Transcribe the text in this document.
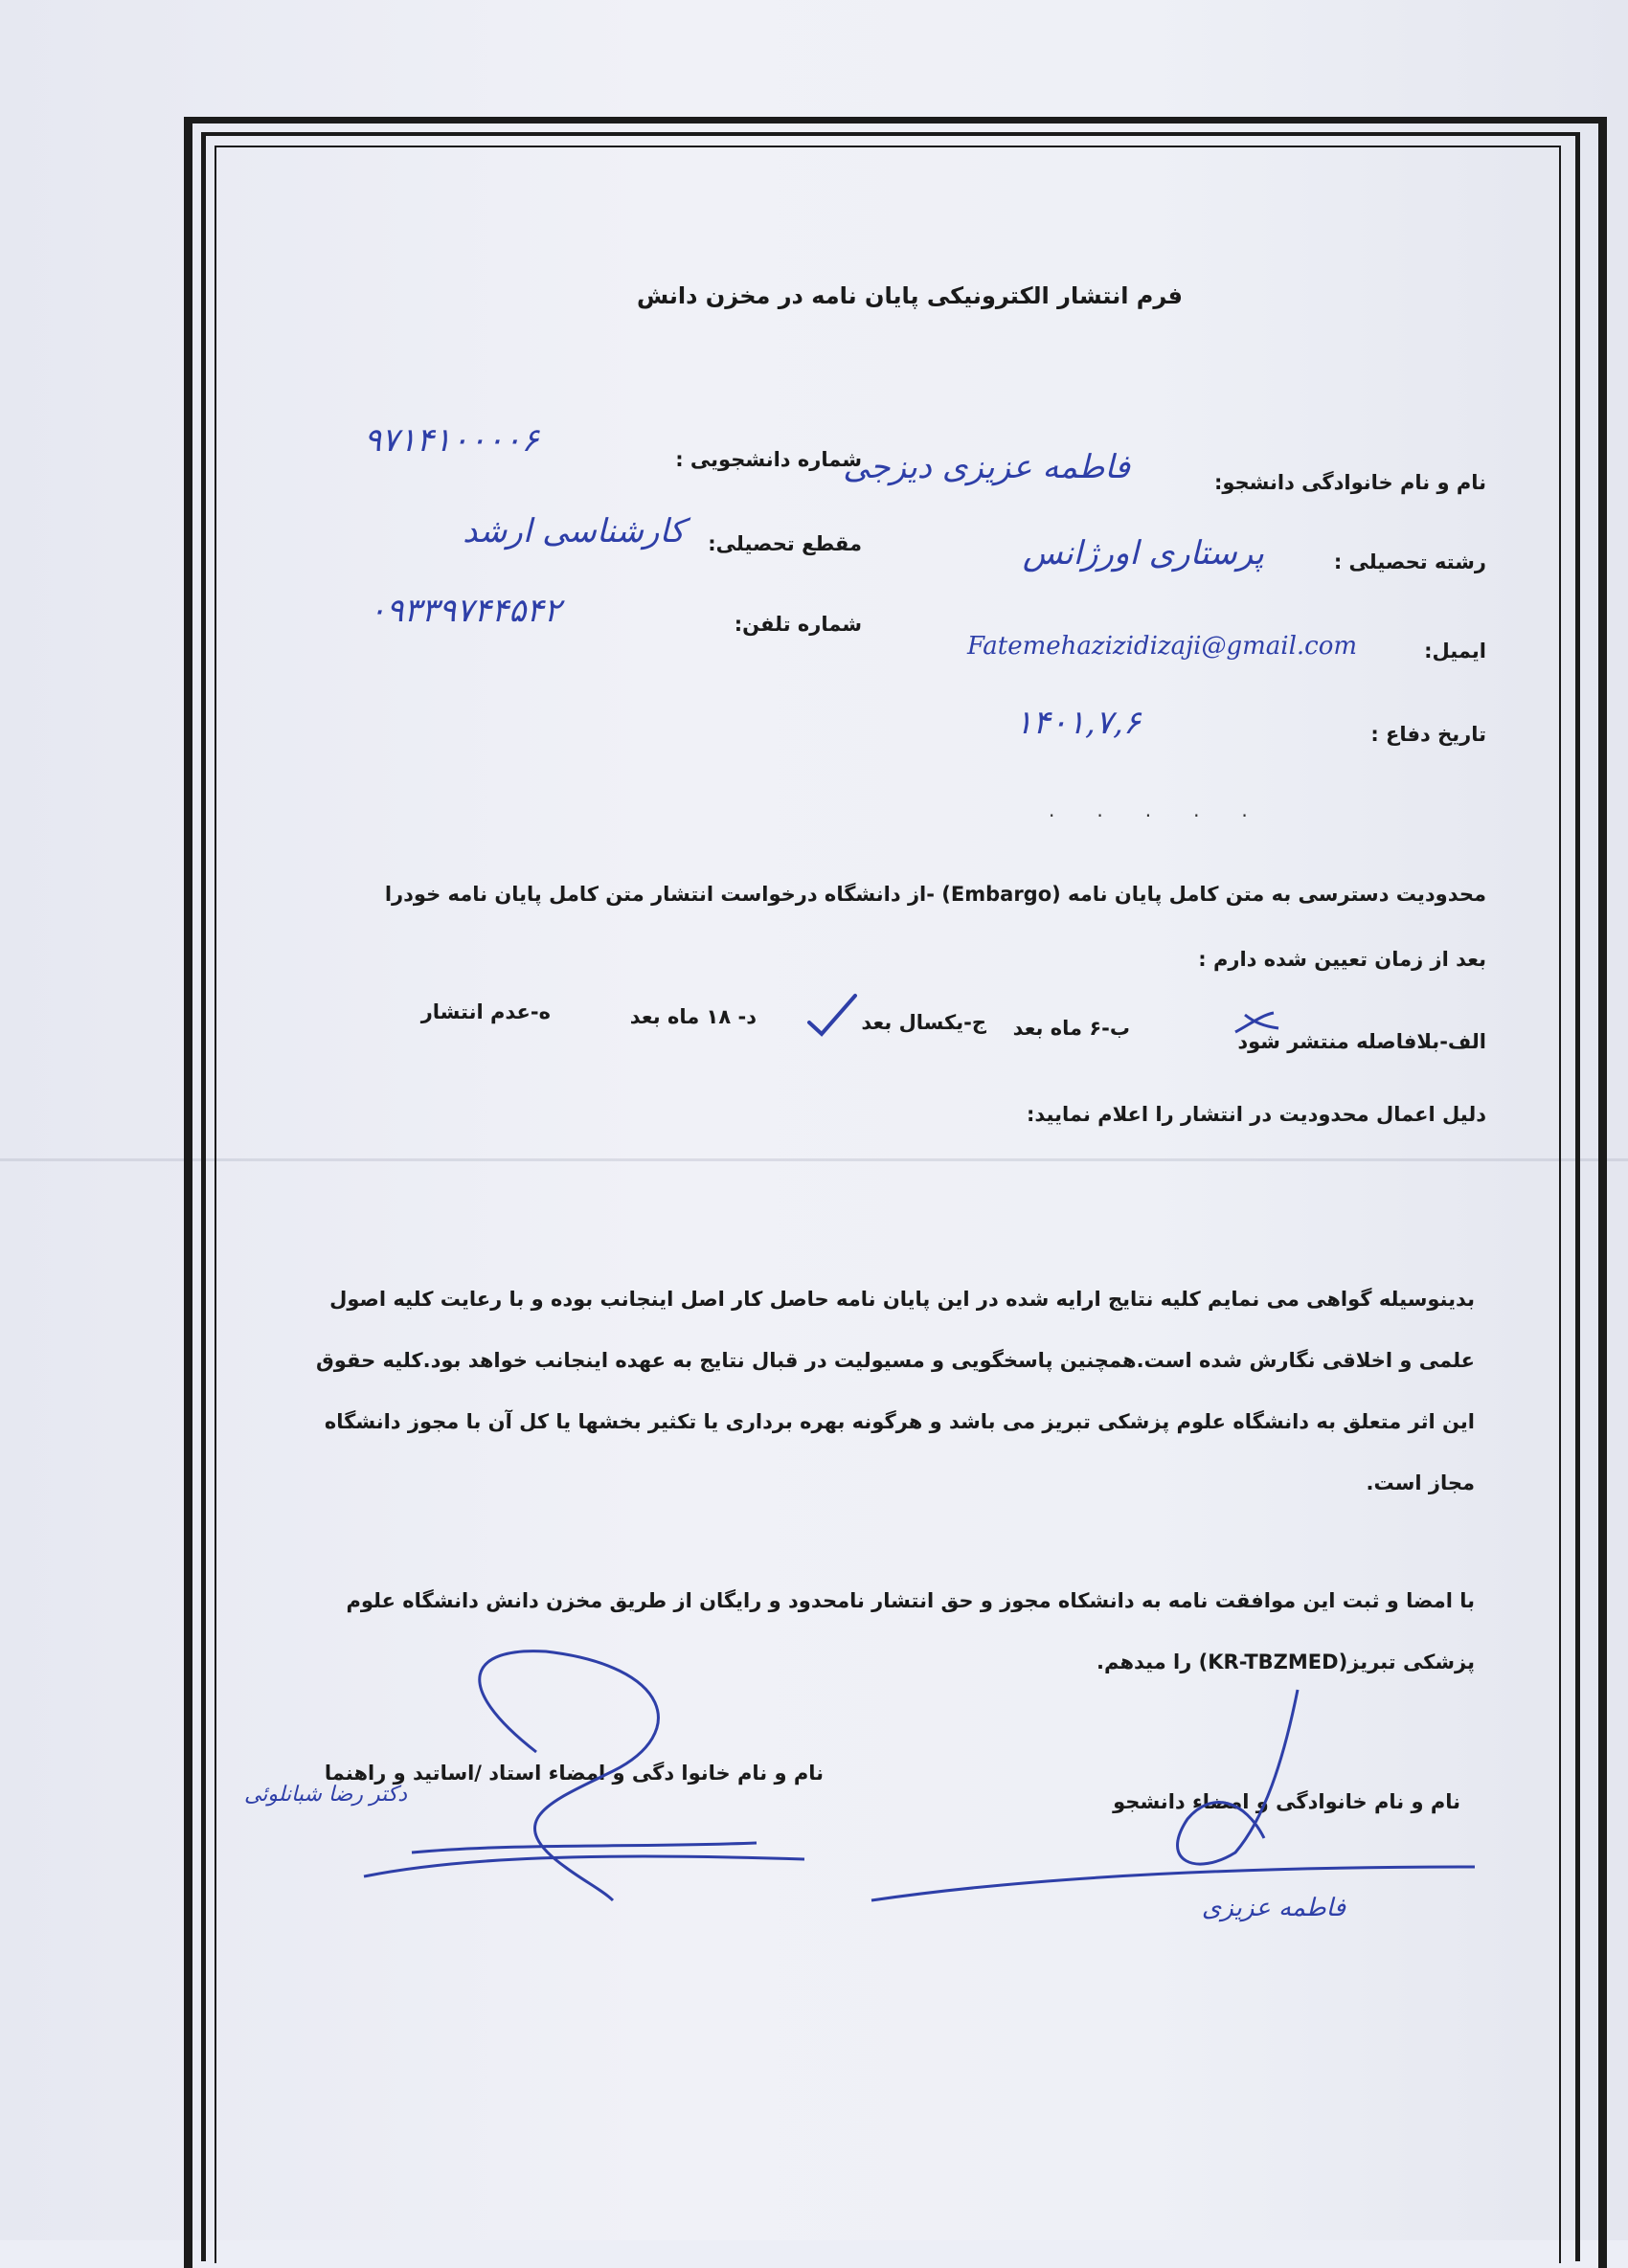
فرم انتشار الکترونیکی پایان نامه در مخزن دانش
نام و نام خانوادگی دانشجو:
فاطمه عزیزی دیزجی
شماره دانشجویی :
۹۷۱۴۱۰۰۰۰۶
رشته تحصیلی :
پرستاری اورژانس
مقطع تحصیلی:
کارشناسی ارشد
ایمیل:
Fatemehazizidizaji@gmail.com
شماره تلفن:
۰۹۳۳۹۷۴۴۵۴۲
تاریخ دفاع :
۱۴۰۱,۷,۶
·····
محدودیت دسترسی به متن کامل پایان نامه (Embargo) -از دانشگاه درخواست انتشار متن کامل پایان نامه خودرا
بعد از زمان تعیین شده دارم :
الف-بلافاصله منتشر شود
ب-۶ ماه بعد
ج-یکسال بعد
د- ۱۸ ماه بعد
ه-عدم انتشار
دلیل اعمال محدودیت در انتشار را اعلام نمایید:
بدینوسیله گواهی می نمایم کلیه نتایج ارایه شده در این پایان نامه حاصل کار اصل اینجانب بوده و با رعایت کلیه اصول
علمی و اخلاقی نگارش شده است.همچنین پاسخگویی و مسیولیت در قبال نتایج به عهده اینجانب خواهد بود.کلیه حقوق
این اثر متعلق به دانشگاه علوم پزشکی تبریز می باشد و هرگونه بهره برداری یا تکثیر بخشها یا کل آن با مجوز دانشگاه
مجاز است.
با امضا و ثبت این موافقت نامه به دانشکاه مجوز و حق انتشار نامحدود و رایگان از طریق مخزن دانش دانشگاه علوم
پزشکی تبریز(KR-TBZMED) را میدهم.
نام و نام خانوادگی و امضاء دانشجو
نام و نام خانوا دگی و امضاء استاد /اساتید و راهنما
فاطمه عزیزی
دکتر رضا شبانلوئی
